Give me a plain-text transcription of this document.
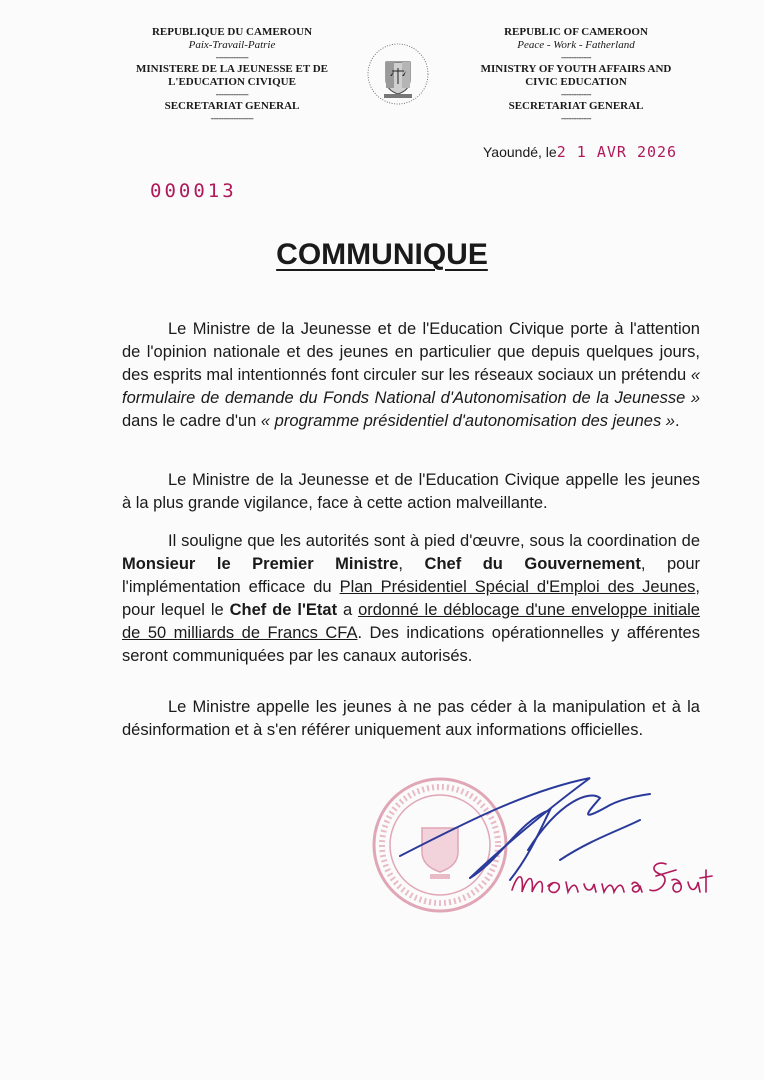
REPUBLIQUE DU CAMEROUN
Paix-Travail-Patrie
-------------
MINISTERE DE LA JEUNESSE ET DE
L'EDUCATION CIVIQUE
-------------
SECRETARIAT GENERAL
-----------------
REPUBLIC OF CAMEROON
Peace - Work - Fatherland
------------
MINISTRY OF YOUTH AFFAIRS AND
CIVIC EDUCATION
------------
SECRETARIAT GENERAL
------------
Yaoundé, le2 1 AVR 2026
000013
COMMUNIQUE

Le Ministre de la Jeunesse et de l'Education Civique porte à l'attention de l'opinion nationale et des jeunes en particulier que depuis quelques jours, des esprits mal intentionnés font circuler sur les réseaux sociaux un prétendu « formulaire de demande du Fonds National d'Autonomisation de la Jeunesse » dans le cadre d'un « programme présidentiel d'autonomisation des jeunes ».

Le Ministre de la Jeunesse et de l'Education Civique appelle les jeunes à la plus grande vigilance, face à cette action malveillante.

Il souligne que les autorités sont à pied d'œuvre, sous la coordination de Monsieur le Premier Ministre, Chef du Gouvernement, pour l'implémentation efficace du Plan Présidentiel Spécial d'Emploi des Jeunes, pour lequel le Chef de l'Etat a ordonné le déblocage d'une enveloppe initiale de 50 milliards de Francs CFA. Des indications opérationnelles y afférentes seront communiquées par les canaux autorisés.

Le Ministre appelle les jeunes à ne pas céder à la manipulation et à la désinformation et à s'en référer uniquement aux informations officielles.
